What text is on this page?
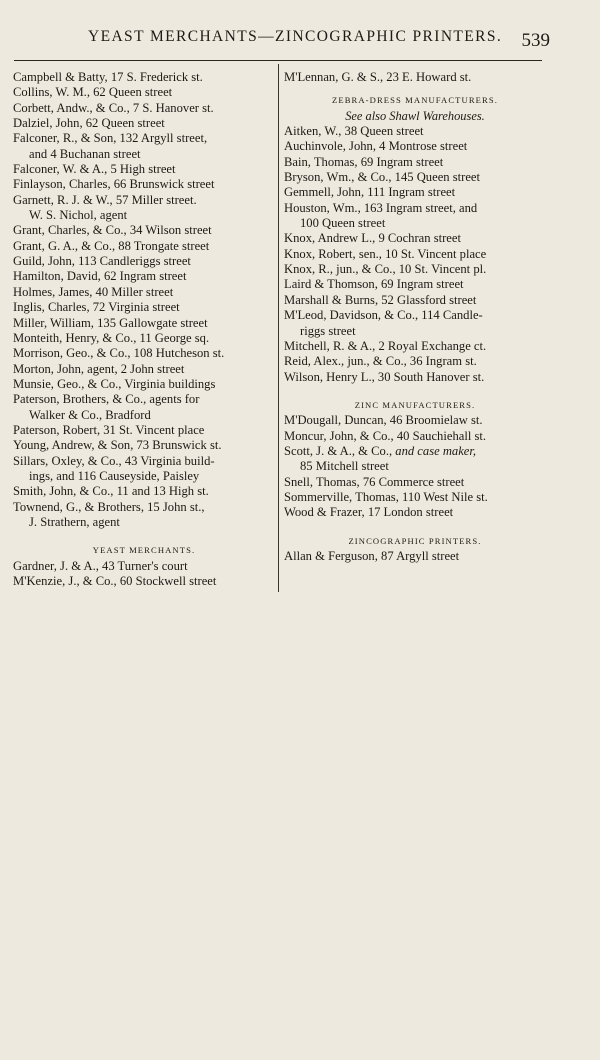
YEAST MERCHANTS—ZINCOGRAPHIC PRINTERS. 539
Campbell & Batty, 17 S. Frederick st.
Collins, W. M., 62 Queen street
Corbett, Andw., & Co., 7 S. Hanover st.
Dalziel, John, 62 Queen street
Falconer, R., & Son, 132 Argyll street,
and 4 Buchanan street
Falconer, W. & A., 5 High street
Finlayson, Charles, 66 Brunswick street
Garnett, R. J. & W., 57 Miller street.
W. S. Nichol, agent
Grant, Charles, & Co., 34 Wilson street
Grant, G. A., & Co., 88 Trongate street
Guild, John, 113 Candleriggs street
Hamilton, David, 62 Ingram street
Holmes, James, 40 Miller street
Inglis, Charles, 72 Virginia street
Miller, William, 135 Gallowgate street
Monteith, Henry, & Co., 11 George sq.
Morrison, Geo., & Co., 108 Hutcheson st.
Morton, John, agent, 2 John street
Munsie, Geo., & Co., Virginia buildings
Paterson, Brothers, & Co., agents for
Walker & Co., Bradford
Paterson, Robert, 31 St. Vincent place
Young, Andrew, & Son, 73 Brunswick st.
Sillars, Oxley, & Co., 43 Virginia build-
ings, and 116 Causeyside, Paisley
Smith, John, & Co., 11 and 13 High st.
Townend, G., & Brothers, 15 John st.,
J. Strathern, agent
YEAST MERCHANTS.
Gardner, J. & A., 43 Turner's court
M'Kenzie, J., & Co., 60 Stockwell street
M'Lennan, G. & S., 23 E. Howard st.
ZEBRA-DRESS MANUFACTURERS.
See also Shawl Warehouses.
Aitken, W., 38 Queen street
Auchinvole, John, 4 Montrose street
Bain, Thomas, 69 Ingram street
Bryson, Wm., & Co., 145 Queen street
Gemmell, John, 111 Ingram street
Houston, Wm., 163 Ingram street, and
100 Queen street
Knox, Andrew L., 9 Cochran street
Knox, Robert, sen., 10 St. Vincent place
Knox, R., jun., & Co., 10 St. Vincent pl.
Laird & Thomson, 69 Ingram street
Marshall & Burns, 52 Glassford street
M'Leod, Davidson, & Co., 114 Candle-
riggs street
Mitchell, R. & A., 2 Royal Exchange ct.
Reid, Alex., jun., & Co., 36 Ingram st.
Wilson, Henry L., 30 South Hanover st.
ZINC MANUFACTURERS.
M'Dougall, Duncan, 46 Broomielaw st.
Moncur, John, & Co., 40 Sauchiehall st.
Scott, J. & A., & Co., and case maker,
85 Mitchell street
Snell, Thomas, 76 Commerce street
Sommerville, Thomas, 110 West Nile st.
Wood & Frazer, 17 London street
ZINCOGRAPHIC PRINTERS.
Allan & Ferguson, 87 Argyll street
